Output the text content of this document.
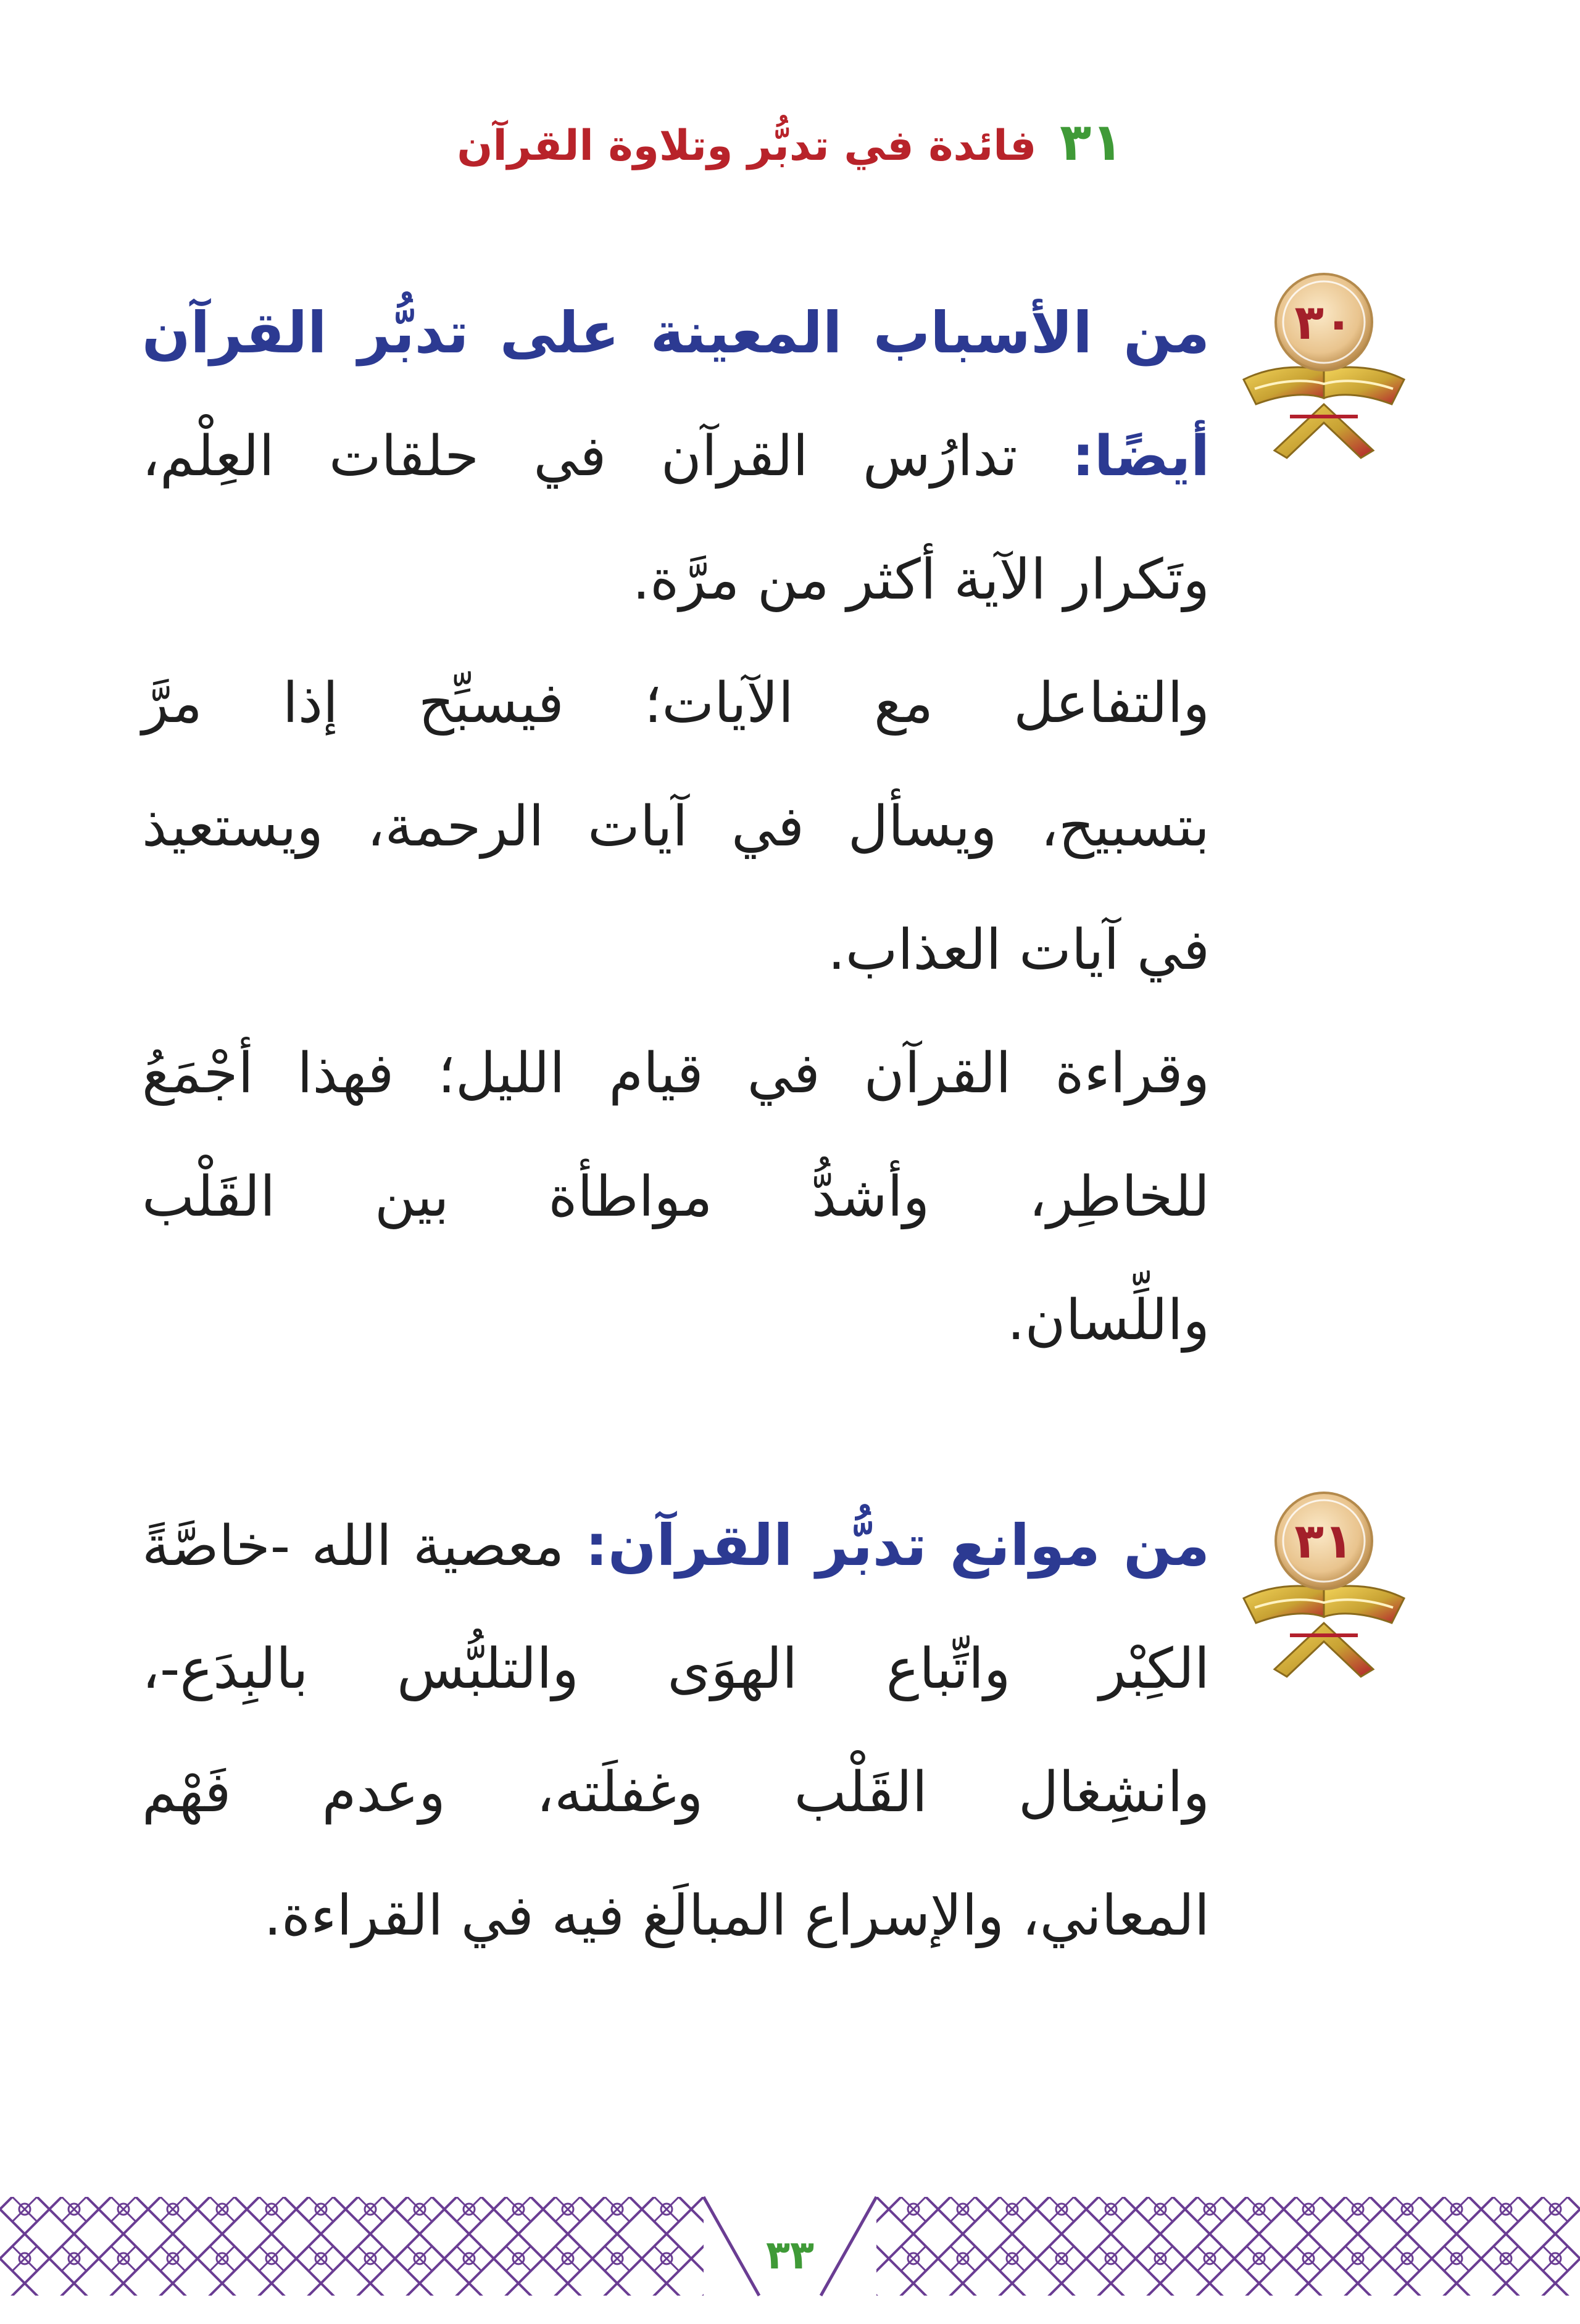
٣١ فائدة في تدبُّر وتلاوة القرآن
٣٠
من الأسباب المعينة على تدبُّر القرآن
أيضًا: تدارُس القرآن في حلقات العِلْم،
وتَكرار الآية أكثر من مرَّة.
والتفاعل مع الآيات؛ فيسبِّح إذا مرَّ
بتسبيح، ويسأل في آيات الرحمة، ويستعيذ
في آيات العذاب.
وقراءة القرآن في قيام الليل؛ فهذا أجْمَعُ
للخاطِر، وأشدُّ مواطأة بين القَلْب
واللِّسان.
٣١
من موانع تدبُّر القرآن: معصية الله -خاصَّةً
الكِبْر واتِّباع الهوَى والتلبُّس بالبِدَع-،
وانشِغال القَلْب وغفلَته، وعدم فَهْم
المعاني، والإسراع المبالَغ فيه في القراءة.
٣٣
